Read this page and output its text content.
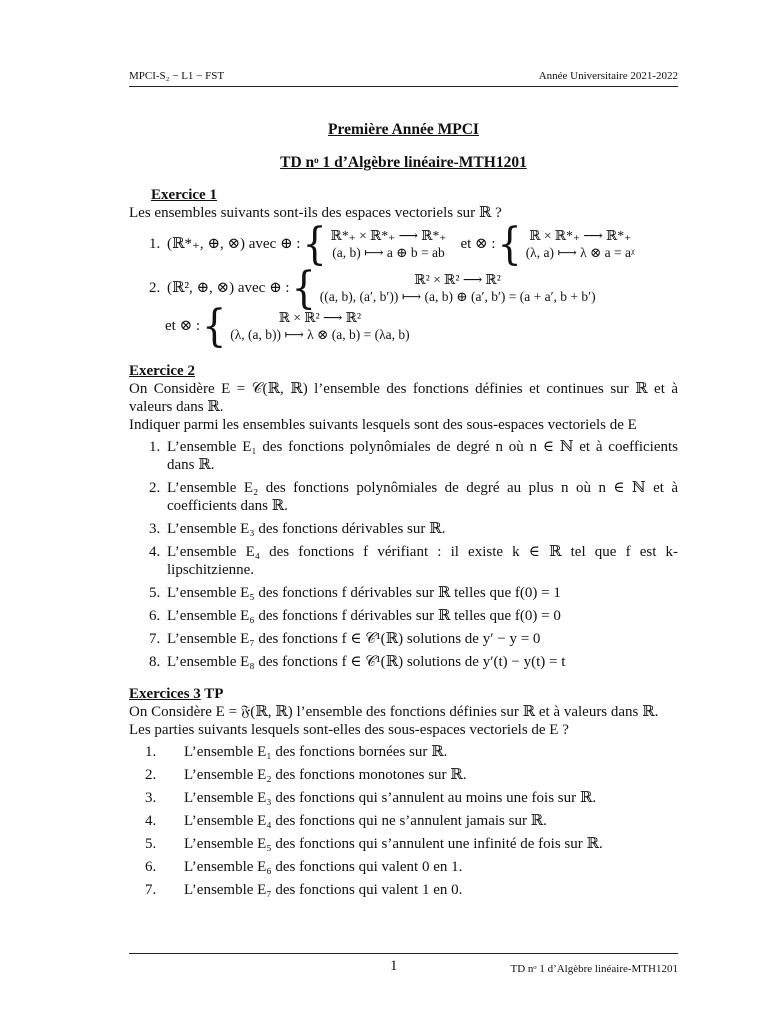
MPCI-S₂ − L1 − FST	Année Universitaire 2021-2022
Première Année MPCI
TD nᵒ 1 d’Algèbre linéaire-MTH1201
Exercice 1

Les ensembles suivants sont-ils des espaces vectoriels sur ℝ ?

1. (ℝ*₊, ⊕, ⊗) avec ⊕ : { ℝ*₊ × ℝ*₊ ⟶ ℝ*₊
(a, b) ⟼ a ⊕ b = ab
et ⊗ : { ℝ × ℝ*₊ ⟶ ℝ*₊
(λ, a) ⟼ λ ⊗ a = aᵡ
2. (ℝ², ⊕, ⊗) avec ⊕ : {	ℝ² × ℝ² ⟶ ℝ²
((a, b), (a′, b′)) ⟼ (a, b) ⊕ (a′, b′) = (a + a′, b + b′)
et ⊗ : {	ℝ × ℝ² ⟶ ℝ²
(λ, (a, b)) ⟼ λ ⊗ (a, b) = (λa, b)
Exercice 2

On Considère E = 𝒞(ℝ, ℝ) l’ensemble des fonctions définies et continues sur ℝ et à valeurs dans ℝ.

Indiquer parmi les ensembles suivants lesquels sont des sous-espaces vectoriels de E

1. L’ensemble E₁ des fonctions polynômiales de degré n où n ∈ ℕ et à coefficients dans ℝ.
2. L’ensemble E₂ des fonctions polynômiales de degré au plus n où n ∈ ℕ et à coefficients dans ℝ.
3. L’ensemble E₃ des fonctions dérivables sur ℝ.
4. L’ensemble E₄ des fonctions f vérifiant : il existe k ∈ ℝ tel que f est k-lipschitzienne.
5. L’ensemble E₅ des fonctions f dérivables sur ℝ telles que f(0) = 1
6. L’ensemble E₆ des fonctions f dérivables sur ℝ telles que f(0) = 0
7. L’ensemble E₇ des fonctions f ∈ 𝒞¹(ℝ) solutions de y′ − y = 0
8. L’ensemble E₈ des fonctions f ∈ 𝒞¹(ℝ) solutions de y′(t) − y(t) = t
Exercices 3 TP

On Considère E = 𝔉(ℝ, ℝ) l’ensemble des fonctions définies sur ℝ et à valeurs dans ℝ.

Les parties suivants lesquels sont-elles des sous-espaces vectoriels de E ?

1. L’ensemble E₁ des fonctions bornées sur ℝ.
2. L’ensemble E₂ des fonctions monotones sur ℝ.
3. L’ensemble E₃ des fonctions qui s’annulent au moins une fois sur ℝ.
4. L’ensemble E₄ des fonctions qui ne s’annulent jamais sur ℝ.
5. L’ensemble E₅ des fonctions qui s’annulent une infinité de fois sur ℝ.
6. L’ensemble E₆ des fonctions qui valent 0 en 1.
7. L’ensemble E₇ des fonctions qui valent 1 en 0.
1	TD nᵒ 1 d’Algèbre linéaire-MTH1201
